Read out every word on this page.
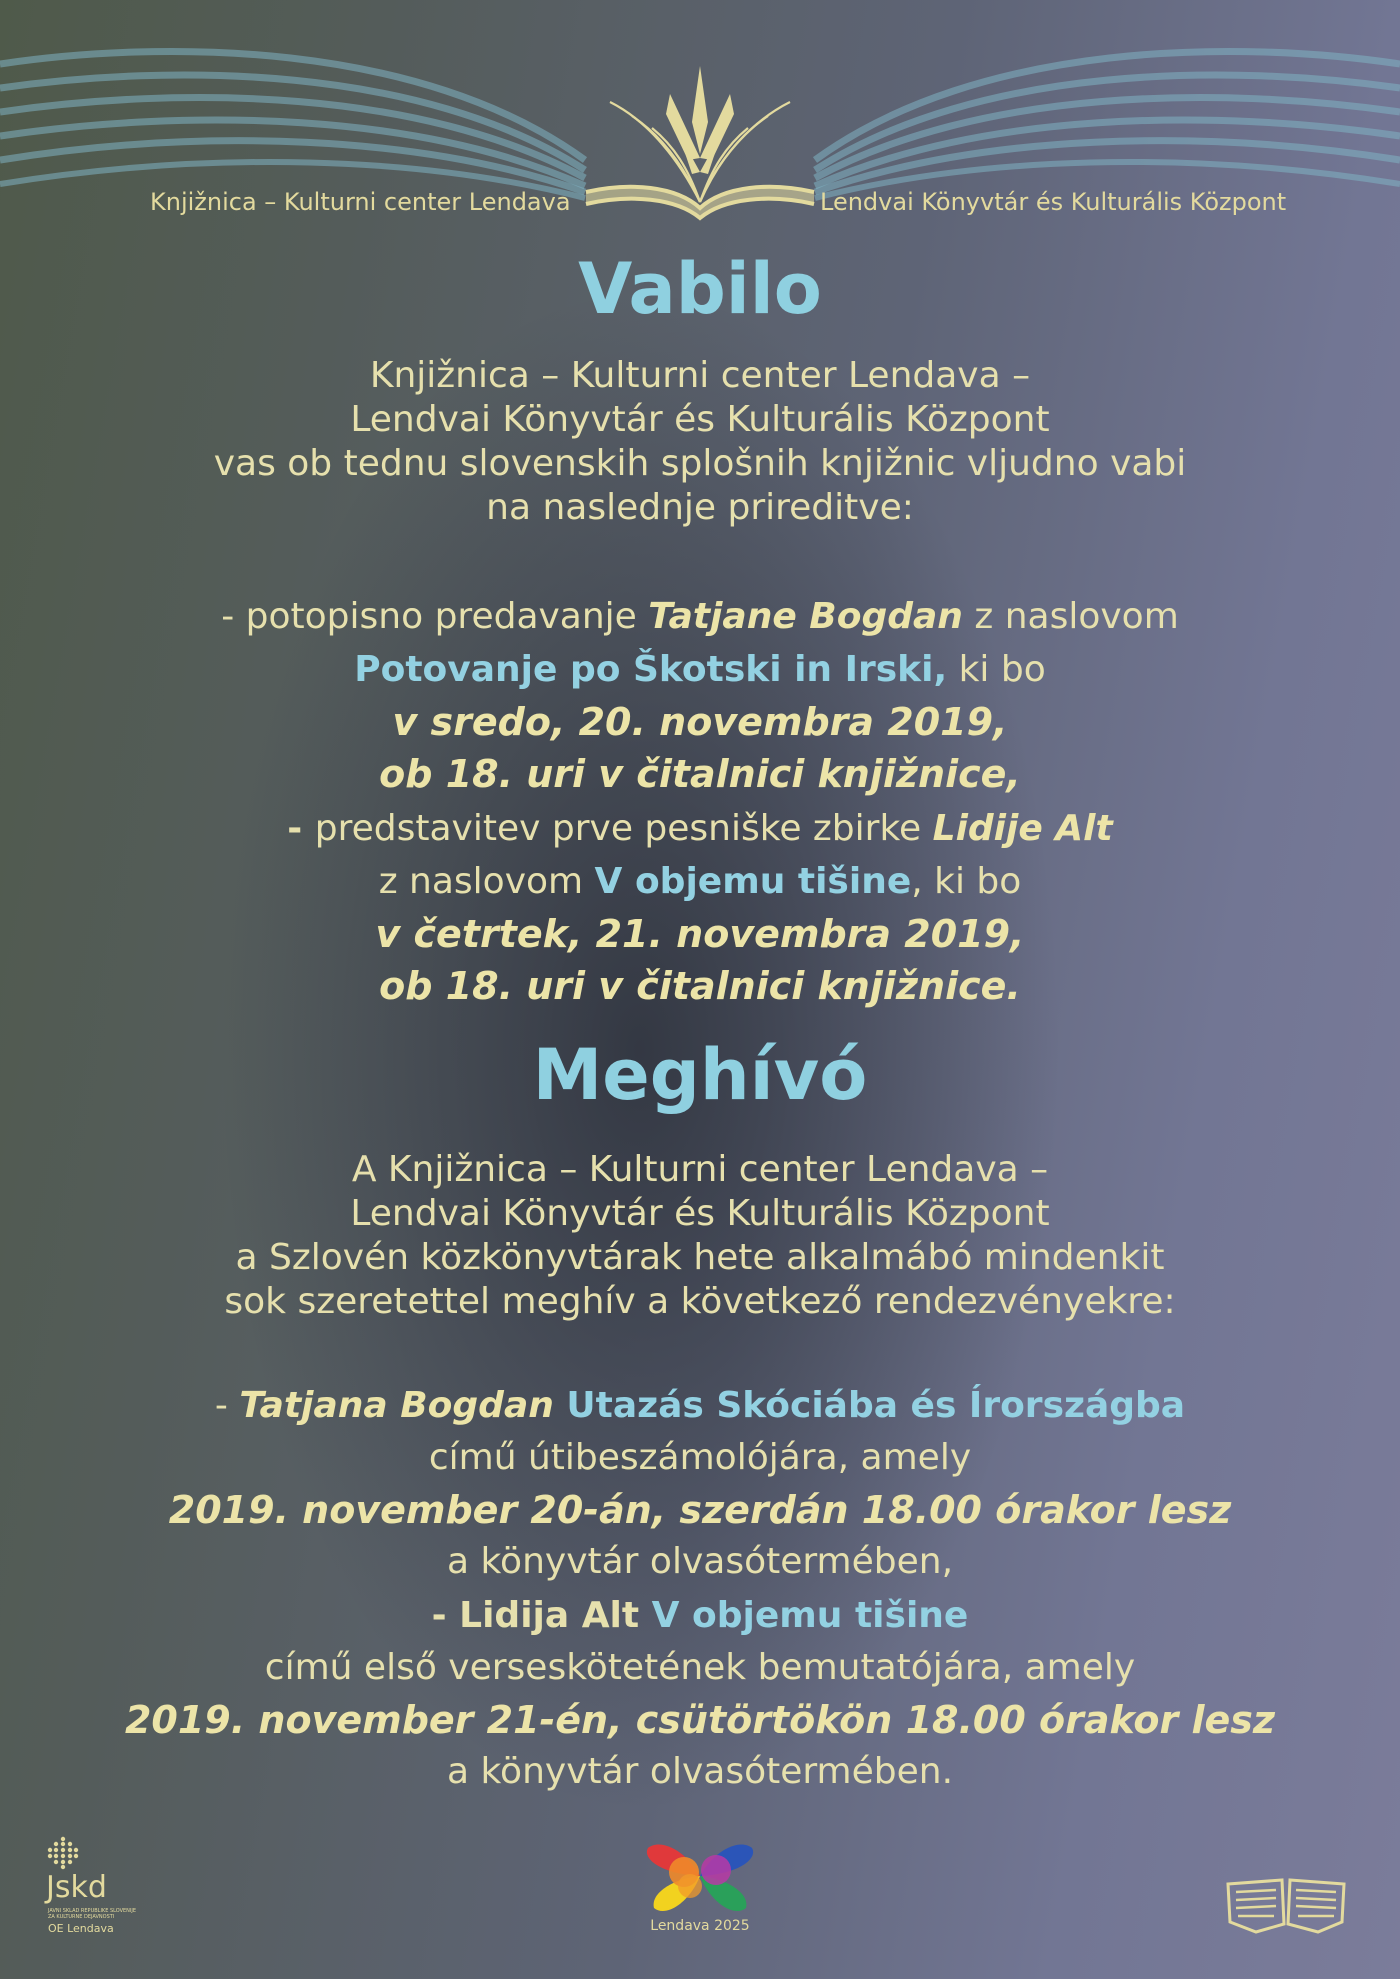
Knjižnica – Kulturni center Lendava	Lendvai Könyvtár és Kulturális Központ
Vabilo
Knjižnica – Kulturni center Lendava –
Lendvai Könyvtár és Kulturális Központ
vas ob tednu slovenskih splošnih knjižnic vljudno vabi
na naslednje prireditve:
- potopisno predavanje Tatjane Bogdan z naslovom
Potovanje po Škotski in Irski, ki bo
v sredo, 20. novembra 2019,
ob 18. uri v čitalnici knjižnice,
- predstavitev prve pesniške zbirke Lidije Alt
z naslovom V objemu tišine, ki bo
v četrtek, 21. novembra 2019,
ob 18. uri v čitalnici knjižnice.
Meghívó
A Knjižnica – Kulturni center Lendava –
Lendvai Könyvtár és Kulturális Központ
a Szlovén közkönyvtárak hete alkalmábó mindenkit
sok szeretettel meghív a következő rendezvényekre:
- Tatjana Bogdan Utazás Skóciába és Írországba
című útibeszámolójára, amely
2019. november 20-án, szerdán 18.00 órakor lesz
a könyvtár olvasótermében,
- Lidija Alt V objemu tišine
című első verseskötetének bemutatójára, amely
2019. november 21-én, csütörtökön 18.00 órakor lesz
a könyvtár olvasótermében.
Jskd
JAVNI SKLAD REPUBLIKE SLOVENIJE
ZA KULTURNE DEJAVNOSTI
OE Lendava	Lendava 2025
